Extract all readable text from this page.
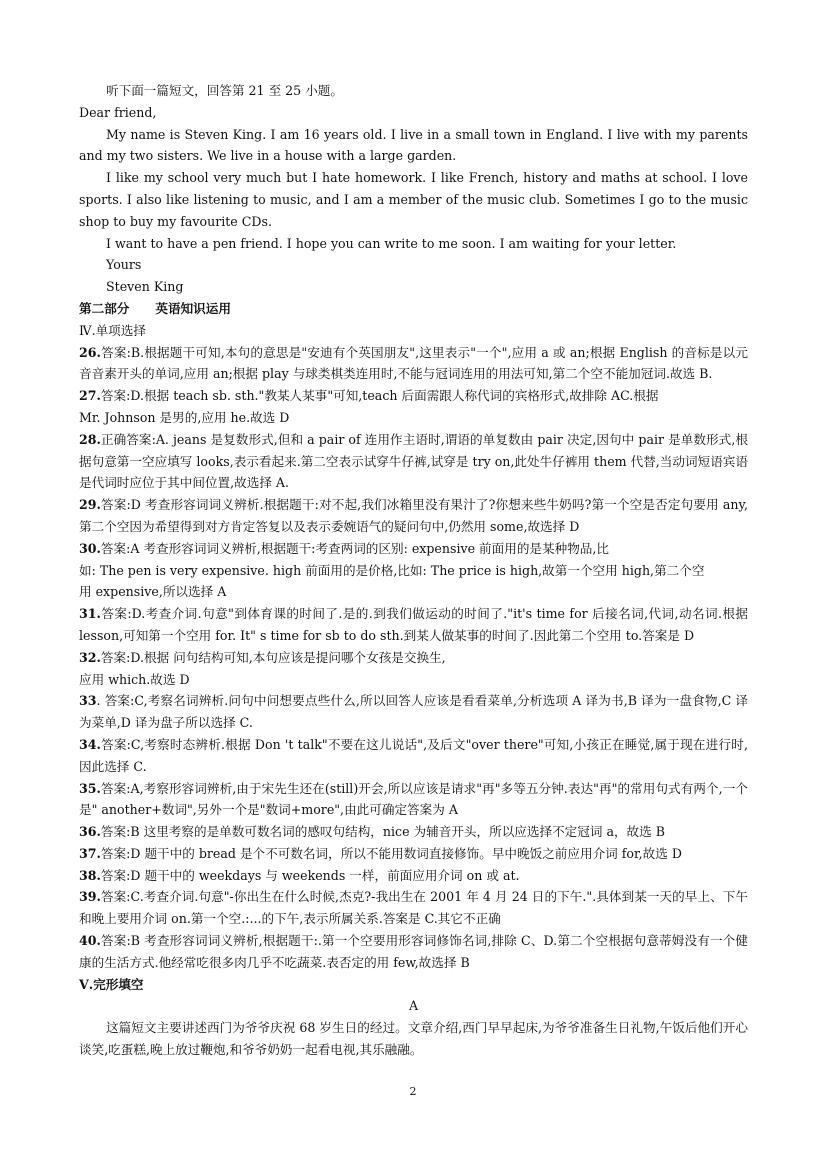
听下面一篇短文，回答第 21 至 25 小题。
Dear friend,
My name is Steven King. I am 16 years old. I live in a small town in England. I live with my parents and my two sisters. We live in a house with a large garden.
I like my school very much but I hate homework. I like French, history and maths at school. I love sports. I also like listening to music, and I am a member of the music club. Sometimes I go to the music shop to buy my favourite CDs.
I want to have a pen friend. I hope you can write to me soon. I am waiting for your letter.
Yours
Steven King
第二部分 英语知识运用
Ⅳ.单项选择
26.答案:B.根据题干可知,本句的意思是"安迪有个英国朋友",这里表示"一个",应用 a 或 an;根据 English 的音标是以元音音素开头的单词,应用 an;根据 play 与球类棋类连用时,不能与冠词连用的用法可知,第二个空不能加冠词.故选 B.
27.答案:D.根据 teach sb. sth."教某人某事"可知,teach 后面需跟人称代词的宾格形式,故排除 AC.根据
Mr. Johnson 是男的,应用 he.故选 D
28.正确答案:A. jeans 是复数形式,但和 a pair of 连用作主语时,谓语的单复数由 pair 决定,因句中 pair 是单数形式,根据句意第一空应填写 looks,表示看起来.第二空表示试穿牛仔裤,试穿是 try on,此处牛仔裤用 them 代替,当动词短语宾语是代词时应位于其中间位置,故选择 A.
29.答案:D 考查形容词词义辨析.根据题干:对不起,我们冰箱里没有果汁了?你想来些牛奶吗?第一个空是否定句要用 any,第二个空因为希望得到对方肯定答复以及表示委婉语气的疑问句中,仍然用 some,故选择 D
30.答案:A 考查形容词词义辨析,根据题干:考查两词的区别: expensive 前面用的是某种物品,比
如: The pen is very expensive. high 前面用的是价格,比如: The price is high,故第一个空用 high,第二个空
用 expensive,所以选择 A
31.答案:D.考查介词.句意"到体育课的时间了.是的.到我们做运动的时间了."it's time for 后接名词,代词,动名词.根据 lesson,可知第一个空用 for. It" s time for sb to do sth.到某人做某事的时间了.因此第二个空用 to.答案是 D
32.答案:D.根据 问句结构可知,本句应该是提问哪个女孩是交换生,
应用 which.故选 D
33. 答案:C,考察名词辨析.问句中问想要点些什么,所以回答人应该是看看菜单,分析选项 A 译为书,B 译为一盘食物,C 译为菜单,D 译为盘子所以选择 C.
34.答案:C,考察时态辨析.根据 Don 't talk"不要在这儿说话",及后文"over there"可知,小孩正在睡觉,属于现在进行时,因此选择 C.
35.答案:A,考察形容词辨析,由于宋先生还在(still)开会,所以应该是请求"再"多等五分钟.表达"再"的常用句式有两个,一个是" another+数词",另外一个是"数词+more",由此可确定答案为 A
36.答案:B 这里考察的是单数可数名词的感叹句结构，nice 为辅音开头，所以应选择不定冠词 a，故选 B
37.答案:D 题干中的 bread 是个不可数名词，所以不能用数词直接修饰。早中晚饭之前应用介词 for,故选 D
38.答案:D 题干中的 weekdays 与 weekends 一样，前面应用介词 on 或 at.
39.答案:C.考查介词.句意"-你出生在什么时候,杰克?-我出生在 2001 年 4 月 24 日的下午.".具体到某一天的早上、下午和晚上要用介词 on.第一个空.:...的下午,表示所属关系.答案是 C.其它不正确
40.答案:B 考查形容词词义辨析,根据题干:.第一个空要用形容词修饰名词,排除 C、D.第二个空根据句意蒂姆没有一个健康的生活方式.他经常吃很多肉几乎不吃蔬菜.表否定的用 few,故选择 B
Ⅴ.完形填空
A
这篇短文主要讲述西门为爷爷庆祝 68 岁生日的经过。文章介绍,西门早早起床,为爷爷准备生日礼物,午饭后他们开心谈笑,吃蛋糕,晚上放过鞭炮,和爷爷奶奶一起看电视,其乐融融。
2
